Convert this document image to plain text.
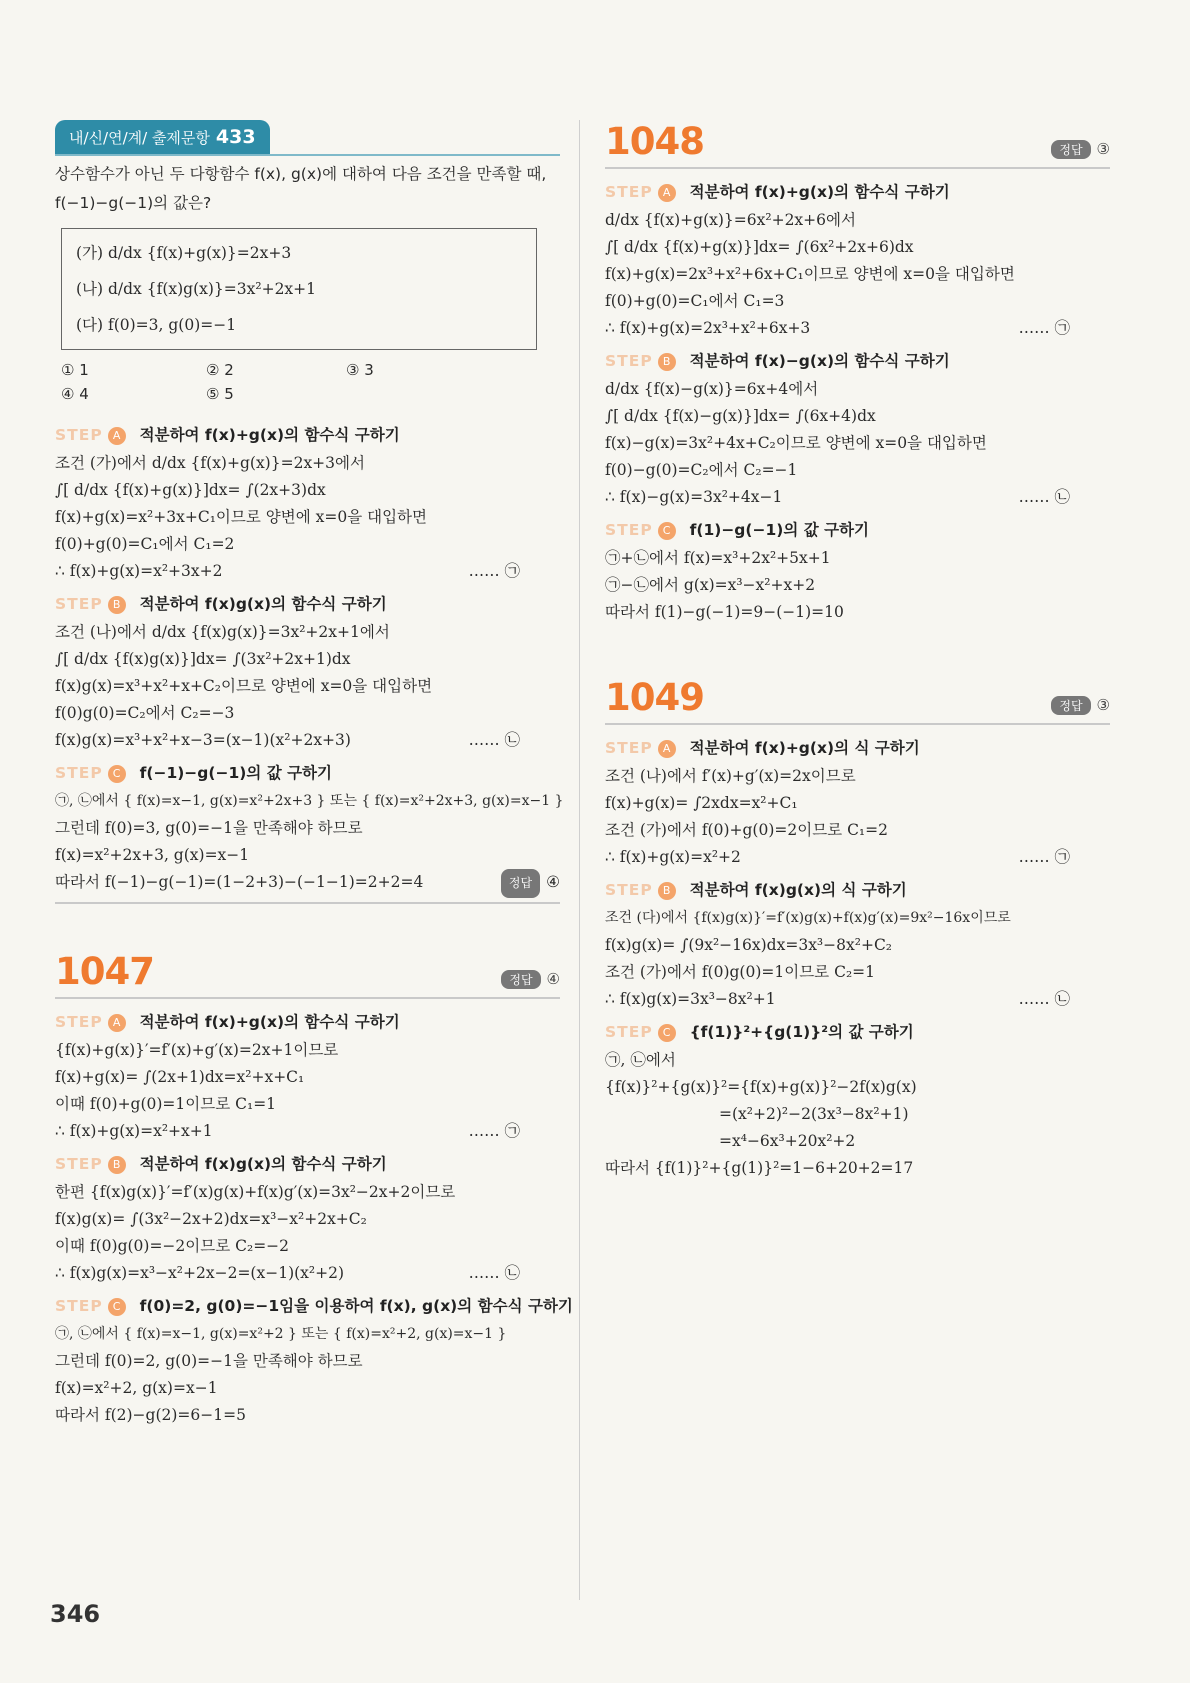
내/신/연/계/ 출제문항 433
상수함수가 아닌 두 다항함수 f(x), g(x)에 대하여 다음 조건을 만족할 때,
f(−1)−g(−1)의 값은?
(가) d/dx {f(x)+g(x)}=2x+3
(나) d/dx {f(x)g(x)}=3x²+2x+1
(다) f(0)=3, g(0)=−1
① 1	② 2	③ 3
④ 4	⑤ 5
STEP A 적분하여 f(x)+g(x)의 함수식 구하기
조건 (가)에서 d/dx {f(x)+g(x)}=2x+3에서
∫[ d/dx {f(x)+g(x)}]dx= ∫(2x+3)dx
f(x)+g(x)=x²+3x+C₁이므로 양변에 x=0을 대입하면
f(0)+g(0)=C₁에서 C₁=2
∴ f(x)+g(x)=x²+3x+2	…… ㉠
STEP B 적분하여 f(x)g(x)의 함수식 구하기
조건 (나)에서 d/dx {f(x)g(x)}=3x²+2x+1에서
∫[ d/dx {f(x)g(x)}]dx= ∫(3x²+2x+1)dx
f(x)g(x)=x³+x²+x+C₂이므로 양변에 x=0을 대입하면
f(0)g(0)=C₂에서 C₂=−3
f(x)g(x)=x³+x²+x−3=(x−1)(x²+2x+3)	…… ㉡
STEP C f(−1)−g(−1)의 값 구하기
㉠, ㉡에서 { f(x)=x−1, g(x)=x²+2x+3 } 또는 { f(x)=x²+2x+3, g(x)=x−1 }
그런데 f(0)=3, g(0)=−1을 만족해야 하므로
f(x)=x²+2x+3, g(x)=x−1
따라서 f(−1)−g(−1)=(1−2+3)−(−1−1)=2+2=4	정답 ④
1047	정답 ④
STEP A 적분하여 f(x)+g(x)의 함수식 구하기
{f(x)+g(x)}′=f′(x)+g′(x)=2x+1이므로
f(x)+g(x)= ∫(2x+1)dx=x²+x+C₁
이때 f(0)+g(0)=1이므로 C₁=1
∴ f(x)+g(x)=x²+x+1	…… ㉠
STEP B 적분하여 f(x)g(x)의 함수식 구하기
한편 {f(x)g(x)}′=f′(x)g(x)+f(x)g′(x)=3x²−2x+2이므로
f(x)g(x)= ∫(3x²−2x+2)dx=x³−x²+2x+C₂
이때 f(0)g(0)=−2이므로 C₂=−2
∴ f(x)g(x)=x³−x²+2x−2=(x−1)(x²+2)	…… ㉡
STEP C f(0)=2, g(0)=−1임을 이용하여 f(x), g(x)의 함수식 구하기
㉠, ㉡에서 { f(x)=x−1, g(x)=x²+2 } 또는 { f(x)=x²+2, g(x)=x−1 }
그런데 f(0)=2, g(0)=−1을 만족해야 하므로
f(x)=x²+2, g(x)=x−1
따라서 f(2)−g(2)=6−1=5
1048	정답 ③
STEP A 적분하여 f(x)+g(x)의 함수식 구하기
d/dx {f(x)+g(x)}=6x²+2x+6에서
∫[ d/dx {f(x)+g(x)}]dx= ∫(6x²+2x+6)dx
f(x)+g(x)=2x³+x²+6x+C₁이므로 양변에 x=0을 대입하면
f(0)+g(0)=C₁에서 C₁=3
∴ f(x)+g(x)=2x³+x²+6x+3	…… ㉠
STEP B 적분하여 f(x)−g(x)의 함수식 구하기
d/dx {f(x)−g(x)}=6x+4에서
∫[ d/dx {f(x)−g(x)}]dx= ∫(6x+4)dx
f(x)−g(x)=3x²+4x+C₂이므로 양변에 x=0을 대입하면
f(0)−g(0)=C₂에서 C₂=−1
∴ f(x)−g(x)=3x²+4x−1	…… ㉡
STEP C f(1)−g(−1)의 값 구하기
㉠+㉡에서 f(x)=x³+2x²+5x+1
㉠−㉡에서 g(x)=x³−x²+x+2
따라서 f(1)−g(−1)=9−(−1)=10
1049	정답 ③
STEP A 적분하여 f(x)+g(x)의 식 구하기
조건 (나)에서 f′(x)+g′(x)=2x이므로
f(x)+g(x)= ∫2xdx=x²+C₁
조건 (가)에서 f(0)+g(0)=2이므로 C₁=2
∴ f(x)+g(x)=x²+2	…… ㉠
STEP B 적분하여 f(x)g(x)의 식 구하기
조건 (다)에서 {f(x)g(x)}′=f′(x)g(x)+f(x)g′(x)=9x²−16x이므로
f(x)g(x)= ∫(9x²−16x)dx=3x³−8x²+C₂
조건 (가)에서 f(0)g(0)=1이므로 C₂=1
∴ f(x)g(x)=3x³−8x²+1	…… ㉡
STEP C {f(1)}²+{g(1)}²의 값 구하기
㉠, ㉡에서
{f(x)}²+{g(x)}²={f(x)+g(x)}²−2f(x)g(x)
=(x²+2)²−2(3x³−8x²+1)
=x⁴−6x³+20x²+2
따라서 {f(1)}²+{g(1)}²=1−6+20+2=17
346
